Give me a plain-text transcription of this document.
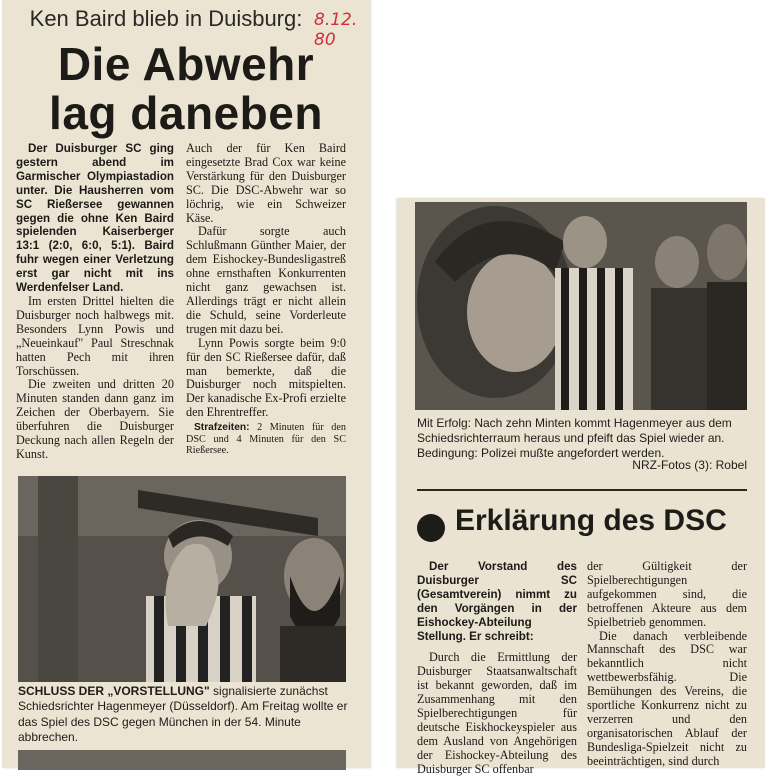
Ken Baird blieb in Duisburg: 8.12.
80
Die Abwehr
lag daneben

Der Duisburger SC ging gestern abend im Garmischer Olympiastadion unter. Die Hausherren vom SC Rießersee gewannen gegen die ohne Ken Baird spielenden Kaiserberger 13:1 (2:0, 6:0, 5:1). Baird fuhr wegen einer Verletzung erst gar nicht mit ins Werdenfelser Land.

Im ersten Drittel hielten die Duisburger noch halbwegs mit. Besonders Lynn Powis und „Neueinkauf" Paul Streschnak hatten Pech mit ihren Torschüssen.

Die zweiten und dritten 20 Minuten standen dann ganz im Zeichen der Oberbayern. Sie überfuhren die Duisburger Deckung nach allen Regeln der Kunst.

Auch der für Ken Baird eingesetzte Brad Cox war keine Verstärkung für den Duisburger SC. Die DSC-Abwehr war so löchrig, wie ein Schweizer Käse.

Dafür sorgte auch Schlußmann Günther Maier, der dem Eishockey-Bundesligastreß ohne ernsthaften Konkurrenten nicht ganz gewachsen ist. Allerdings trägt er nicht allein die Schuld, seine Vorderleute trugen mit dazu bei.

Lynn Powis sorgte beim 9:0 für den SC Rießersee dafür, daß man bemerkte, daß die Duisburger noch mitspielten. Der kanadische Ex-Profi erzielte den Ehrentreffer.

Strafzeiten: 2 Minuten für den DSC und 4 Minuten für den SC Rießersee.

SCHLUSS DER „VORSTELLUNG" signalisierte zunächst Schiedsrichter Hagenmeyer (Düsseldorf). Am Freitag wollte er das Spiel des DSC gegen München in der 54. Minute abbrechen.
Mit Erfolg: Nach zehn Minten kommt Hagenmeyer aus dem Schiedsrichterraum heraus und pfeift das Spiel wieder an. Bedingung: Polizei mußte angefordert werden.
NRZ-Fotos (3): Robel
Erklärung des DSC

Der Vorstand des Duisburger SC (Gesamtverein) nimmt zu den Vorgängen in der Eishockey-Abteilung Stellung. Er schreibt:

Durch die Ermittlung der Duisburger Staatsanwaltschaft ist bekannt geworden, daß im Zusammenhang mit den Spielberechtigungen für deutsche Eiskhockeyspieler aus dem Ausland von Angehörigen der Eishockey-Abteilung des Duisburger SC offenbar

der Gültigkeit der Spielberechtigungen aufgekommen sind, die betroffenen Akteure aus dem Spielbetrieb genommen.

Die danach verbleibende Mannschaft des DSC war bekanntlich nicht wettbewerbsfähig. Die Bemühungen des Vereins, die sportliche Konkurrenz nicht zu verzerren und den organisatorischen Ablauf der Bundesliga-Spielzeit nicht zu beeinträchtigen, sind durch
